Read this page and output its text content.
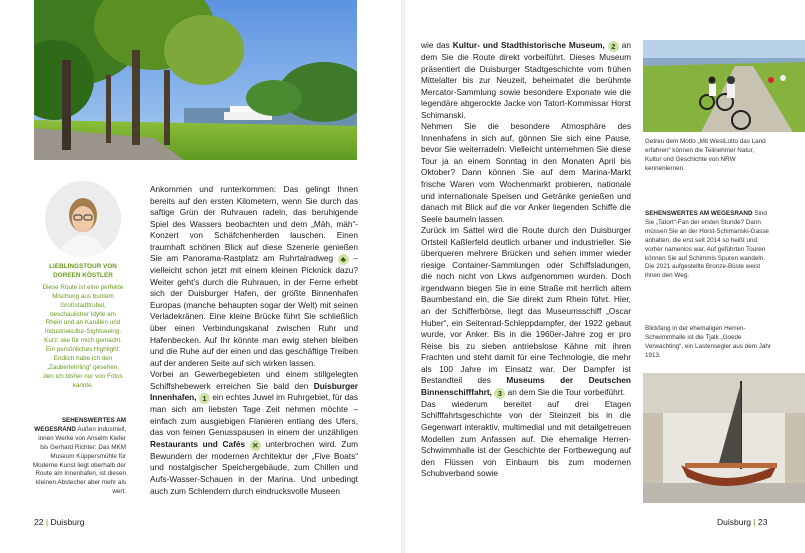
LIEBLINGSTOUR VON DOREEN KÖSTLER

Diese Route ist eine perfekte Mischung aus buntem Großstadttrubel, beschaulicher Idylle am Rhein und an Kanälen und Industriekultur-Sightseeing. Kurz: wie für mich gemacht. Ein persönliches Highlight: Endlich habe ich den „Zauberlehrling“ gesehen, den ich bisher nur von Fotos kannte.

SEHENSWERTES AM WEGESRAND Außen industriell, innen Werke von Anselm Kiefer bis Gerhard Richter: Das MKM Museum Küppersmühle für Moderne Kunst liegt oberhalb der Route am Innenhafen, ist diesen kleinen Abstecher aber mehr als wert.

Ankommen und runterkommen: Das gelingt Ihnen bereits auf den ersten Kilometern, wenn Sie durch das saftige Grün der Ruhrauen radeln, das beruhigende Spiel des Wassers beobachten und dem „Mäh, mäh“-Konzert von Schäfchenherden lauschen. Einen traumhaft schönen Blick auf diese Szenerie genießen Sie am Panorama-Rastplatz am Ruhrtalradweg ♣ – vielleicht schon jetzt mit einem kleinen Picknick dazu? Weiter geht’s durch die Ruhrauen, in der Ferne erhebt sich der Duisburger Hafen, der größte Binnenhafen Europas (manche behaupten sogar der Welt) mit seinen Verladekränen. Eine kleine Brücke führt Sie schließlich über einen Verbindungskanal zwischen Ruhr und Hafenbecken. Auf Ihr könnte man ewig stehen bleiben und die Ruhe auf der einen und das geschäftige Treiben auf der anderen Seite auf sich wirken lassen.

Vorbei an Gewerbegebieten und einem stillgelegten Schiffshebewerk erreichen Sie bald den Duisburger Innenhafen, 1 ein echtes Juwel im Ruhrgebiet, für das man sich am liebsten Tage Zeit nehmen möchte – einfach zum ausgiebigen Flanieren entlang des Ufers, das von feinen Genusspausen in einem der unzähligen Restaurants und Cafés ✕ unterbrochen wird. Zum Bewundern der modernen Architektur der „Five Boats“ und nostalgischer Speichergebäude, zum Chillen und Aufs-Wasser-Schauen in der Marina. Und unbedingt auch zum Schlendern durch eindrucksvolle Museen

22 | Duisburg

wie das Kultur- und Stadthistorische Museum, 2 an dem Sie die Route direkt vorbeiführt. Dieses Museum präsentiert die Duisburger Stadtgeschichte vom frühen Mittelalter bis zur Neuzeit, beheimatet die berühmte Mercator-Sammlung sowie besondere Exponate wie die legendäre abgerockte Jacke von Tatort-Kommissar Horst Schimanski.

Nehmen Sie die besondere Atmosphäre des Innenhafens in sich auf, gönnen Sie sich eine Pause, bevor Sie weiterradeln. Vielleicht unternehmen Sie diese Tour ja an einem Sonntag in den Monaten April bis Oktober? Dann können Sie auf dem Marina-Markt frische Waren vom Wochenmarkt probieren, nationale und internationale Speisen und Getränke genießen und danach mit Blick auf die vor Anker liegenden Schiffe die Seele baumeln lassen.

Zurück im Sattel wird die Route durch den Duisburger Ortsteil Kaßlerfeld deutlich urbaner und industrieller. Sie überqueren mehrere Brücken und sehen immer wieder riesige Container-Sammlungen oder Schiffsladungen, die noch nicht von Lkws aufgenommen wurden. Doch irgendwann biegen Sie in eine Straße mit herrlich altem Baumbestand ein, die Sie direkt zum Rhein führt. Hier, an der Schifferbörse, liegt das Museumsschiff „Oscar Huber“, ein Seitenrad-Schleppdampfer, der 1922 gebaut wurde, vor Anker. Bis in die 1960er-Jahre zog er pro Reise bis zu sieben antriebslose Kähne mit ihren Frachten und steht damit für eine Technologie, die mehr als 100 Jahre im Einsatz war. Der Dampfer ist Bestandteil des Museums der Deutschen Binnenschifffahrt, 3 an dem Sie die Tour vorbeiführt.

Das wiederum bereitet auf drei Etagen Schifffahrtsgeschichte von der Steinzeit bis in die Gegenwart interaktiv, multimedial und mit detailgetreuen Modellen zum Anfassen auf. Die ehemalige Herren-Schwimmhalle ist der Geschichte der Fortbewegung auf den Flüssen von Einbaum bis zum modernen Schubverband sowie

Getreu dem Motto „Mit WestLotto das Land erfahren“ können die Teilnehmer Natur, Kultur und Geschichte von NRW kennenlernen.

SEHENSWERTES AM WEGESRAND Sind Sie „Tatort“-Fan der ersten Stunde? Dann müssen Sie an der Horst-Schimanski-Gasse anhalten, die erst seit 2014 so heißt und vorher namenlos war. Auf geführten Touren können Sie auf Schimmis Spuren wandeln. Die 2021 aufgestellte Bronze-Büste weist ihnen den Weg.

Blickfang in der ehemaligen Herren-Schwimmhalle ist die Tjalk „Goede Verwachting“, ein Lastensegler aus dem Jahr 1913.

Duisburg | 23
